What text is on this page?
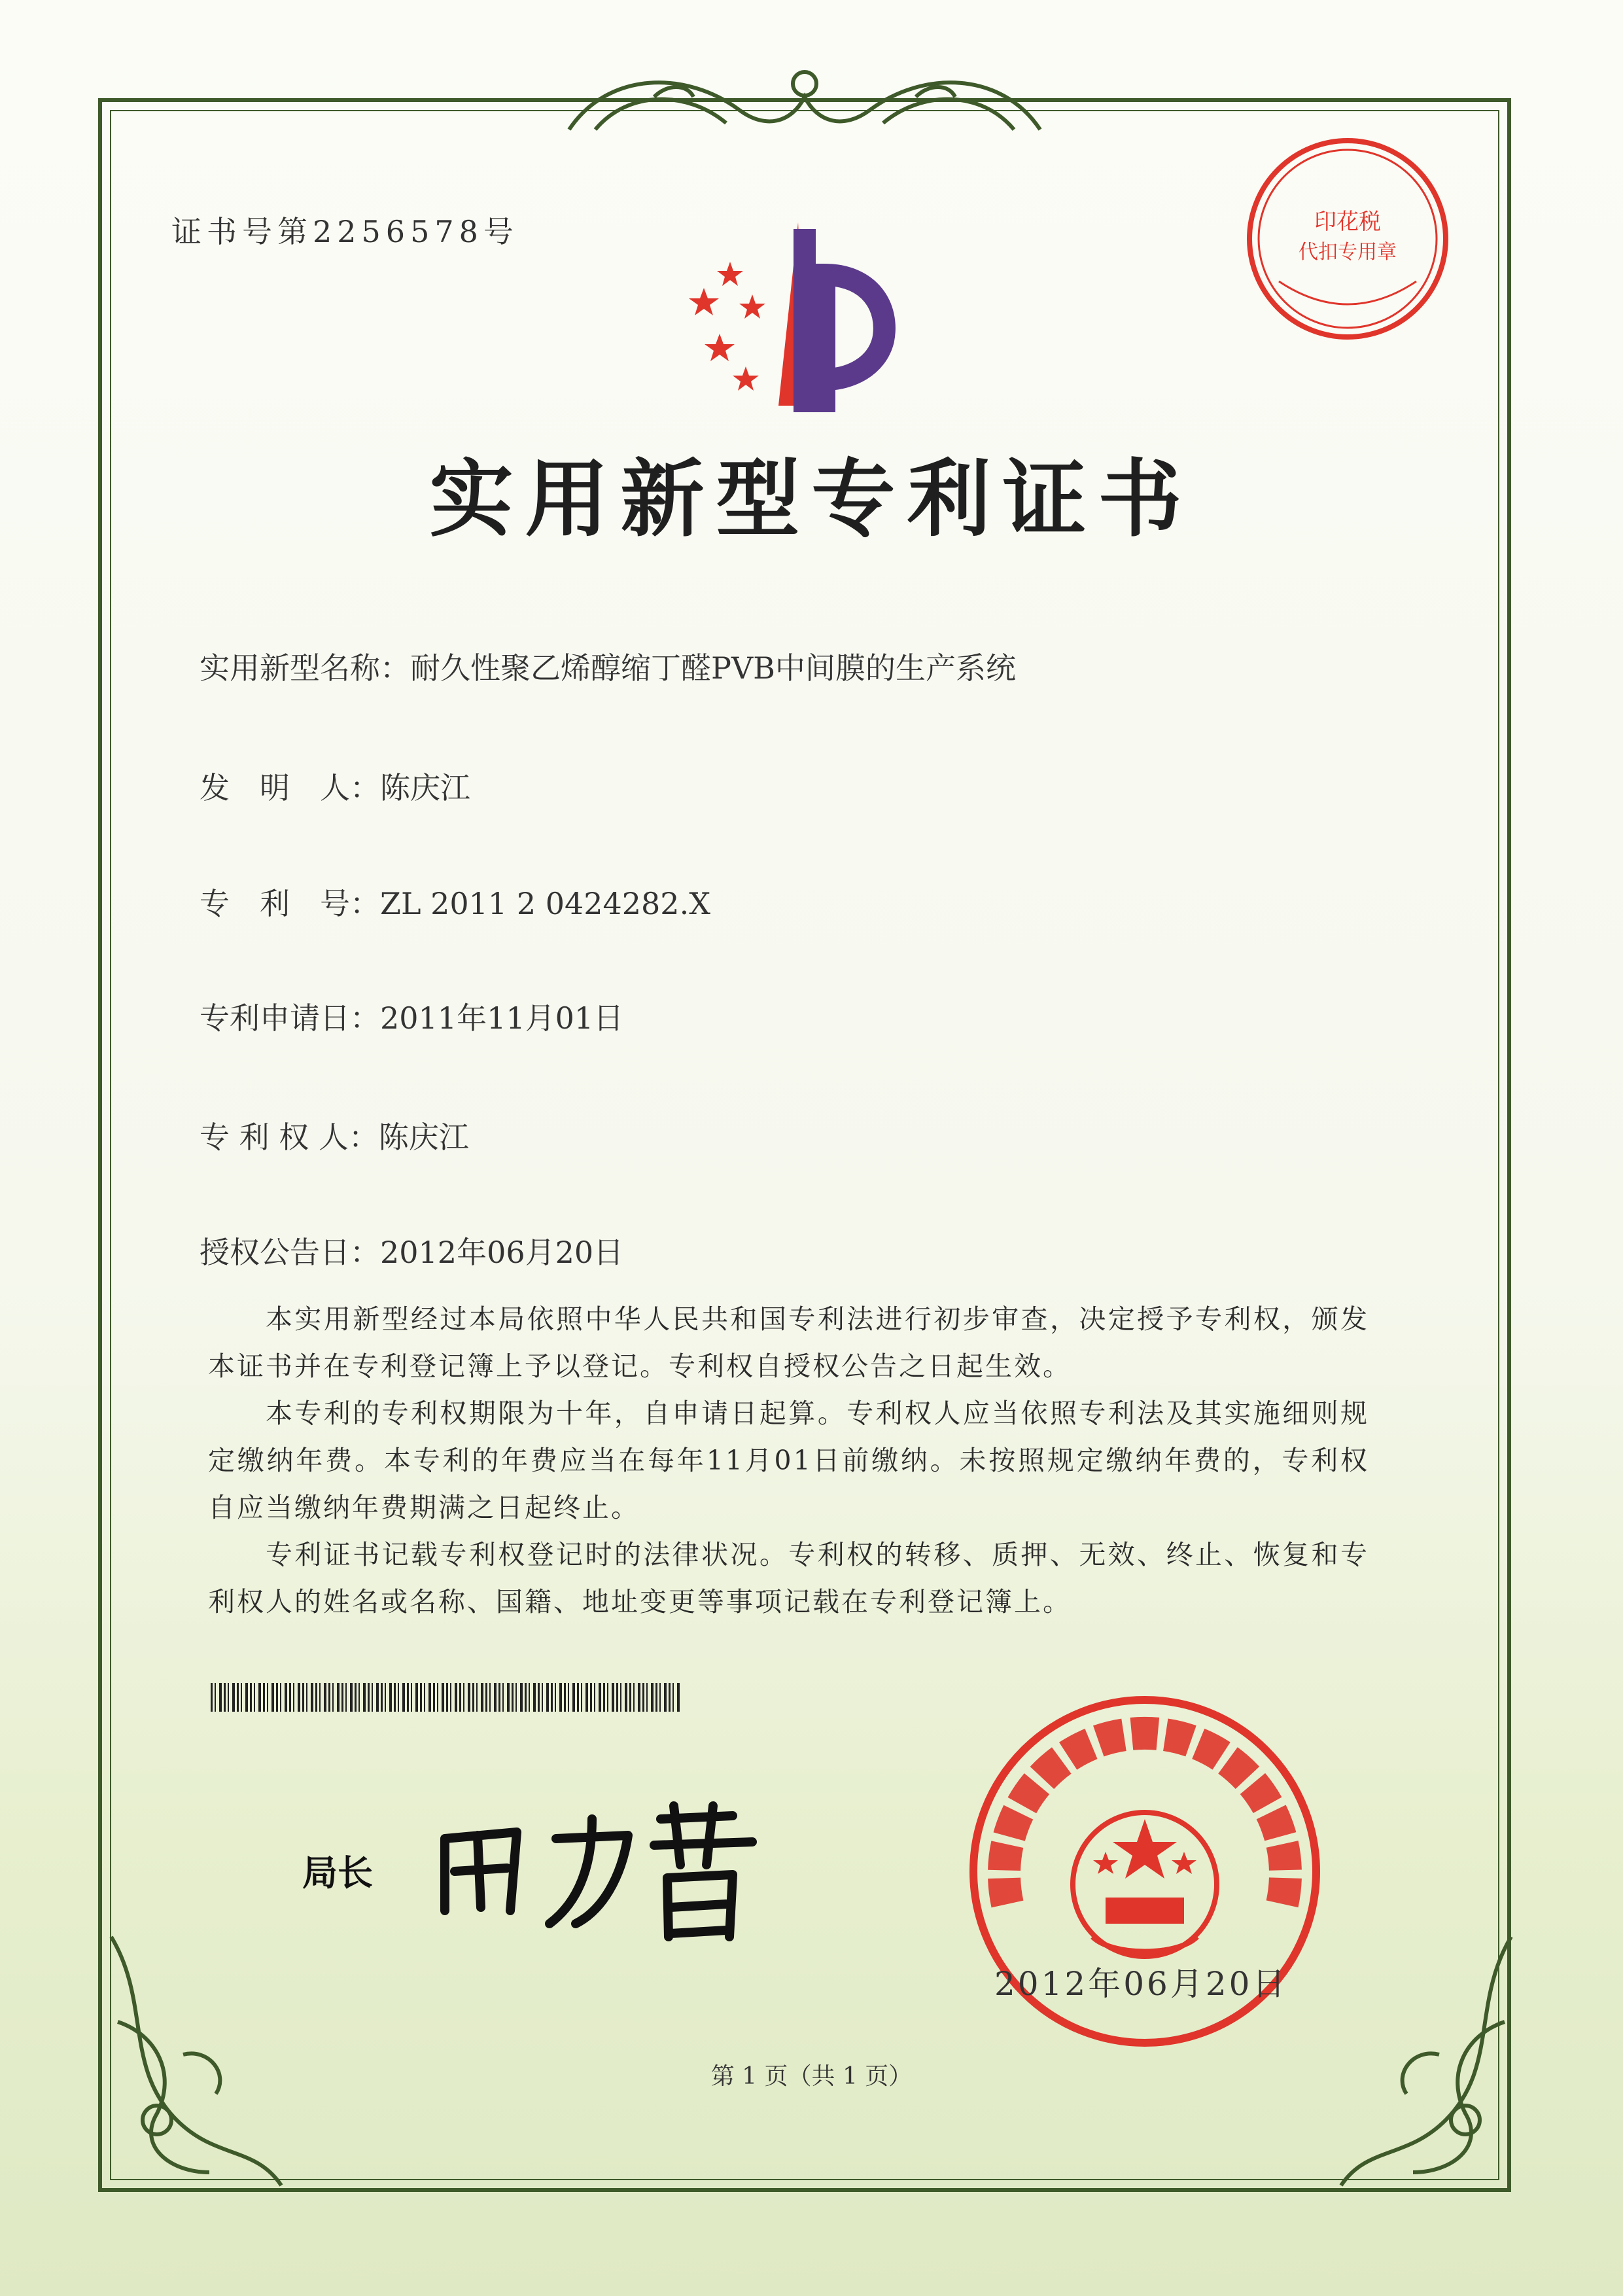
证书号第2256578号
实用新型专利证书
实用新型名称：耐久性聚乙烯醇缩丁醛PVB中间膜的生产系统
发　明　人：陈庆江
专　利　号：ZL 2011 2 0424282.X
专利申请日：2011年11月01日
专 利 权 人：陈庆江
授权公告日：2012年06月20日

本实用新型经过本局依照中华人民共和国专利法进行初步审查，决定授予专利权，颁发本证书并在专利登记簿上予以登记。专利权自授权公告之日起生效。

本专利的专利权期限为十年，自申请日起算。专利权人应当依照专利法及其实施细则规定缴纳年费。本专利的年费应当在每年11月01日前缴纳。未按照规定缴纳年费的，专利权自应当缴纳年费期满之日起终止。

专利证书记载专利权登记时的法律状况。专利权的转移、质押、无效、终止、恢复和专利权人的姓名或名称、国籍、地址变更等事项记载在专利登记簿上。

印花税
代扣专用章
局长
2012年06月20日
第 1 页（共 1 页）
